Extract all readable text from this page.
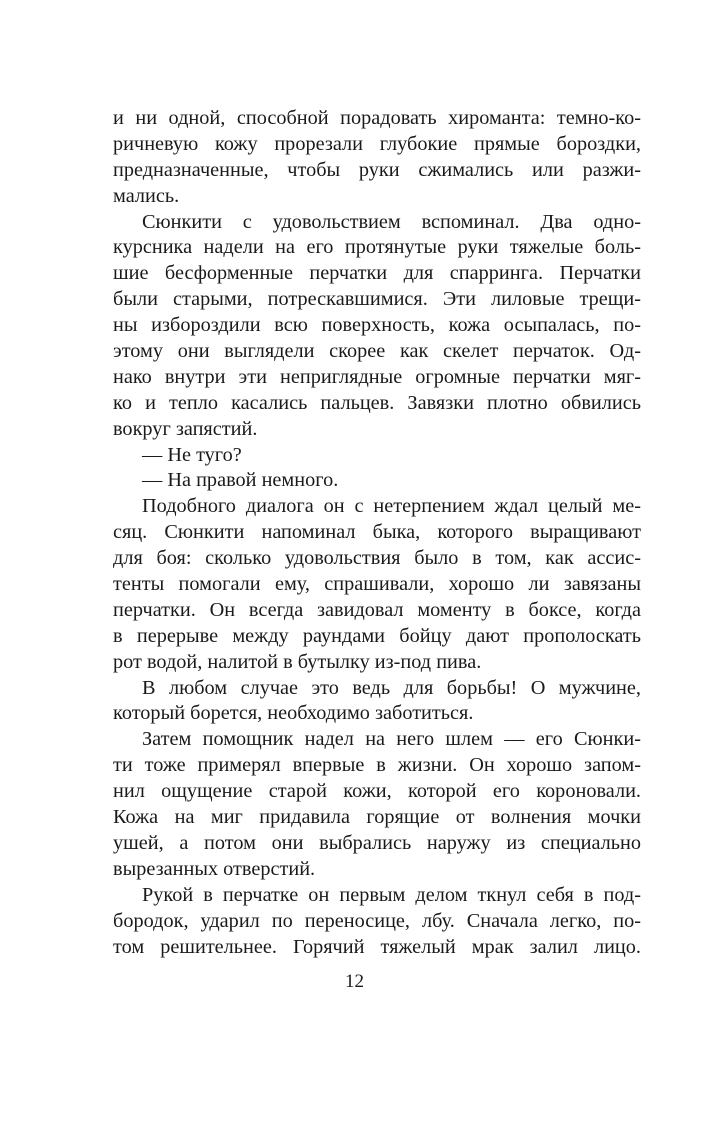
и ни одной, способной порадовать хироманта: темно-ко-
ричневую кожу прорезали глубокие прямые бороздки,
предназначенные, чтобы руки сжимались или разжи-
мались.
Сюнкити с удовольствием вспоминал. Два одно-
курсника надели на его протянутые руки тяжелые боль-
шие бесформенные перчатки для спарринга. Перчатки
были старыми, потрескавшимися. Эти лиловые трещи-
ны избороздили всю поверхность, кожа осыпалась, по-
этому они выглядели скорее как скелет перчаток. Од-
нако внутри эти неприглядные огромные перчатки мяг-
ко и тепло касались пальцев. Завязки плотно обвились
вокруг запястий.
— Не туго?
— На правой немного.
Подобного диалога он с нетерпением ждал целый ме-
сяц. Сюнкити напоминал быка, которого выращивают
для боя: сколько удовольствия было в том, как ассис-
тенты помогали ему, спрашивали, хорошо ли завязаны
перчатки. Он всегда завидовал моменту в боксе, когда
в перерыве между раундами бойцу дают прополоскать
рот водой, налитой в бутылку из-под пива.
В любом случае это ведь для борьбы! О мужчине,
который борется, необходимо заботиться.
Затем помощник надел на него шлем — его Сюнки-
ти тоже примерял впервые в жизни. Он хорошо запом-
нил ощущение старой кожи, которой его короновали.
Кожа на миг придавила горящие от волнения мочки
ушей, а потом они выбрались наружу из специально
вырезанных отверстий.
Рукой в перчатке он первым делом ткнул себя в под-
бородок, ударил по переносице, лбу. Сначала легко, по-
том решительнее. Горячий тяжелый мрак залил лицо.
12
